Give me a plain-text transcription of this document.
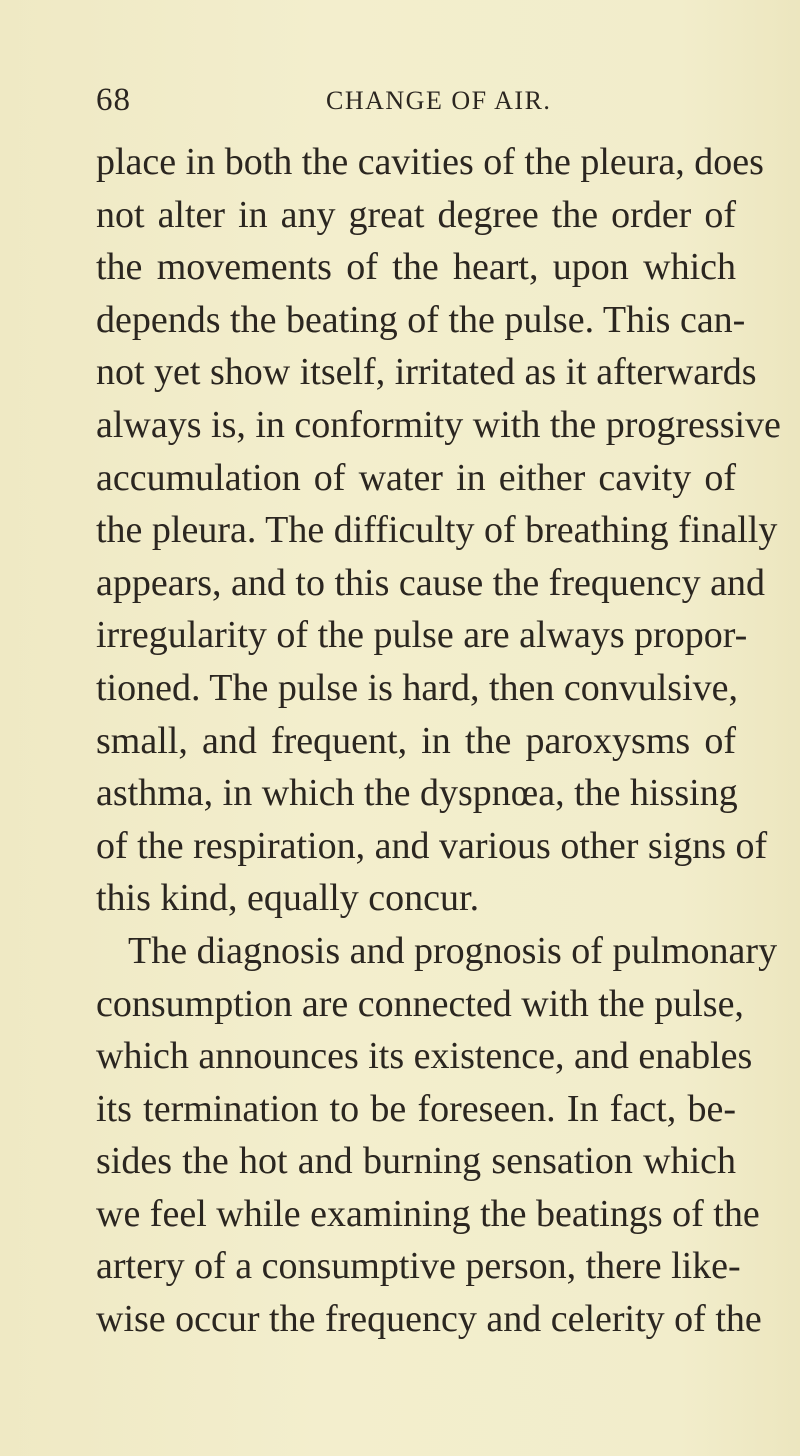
68	CHANGE OF AIR.
place in both the cavities of the pleura, does
not alter in any great degree the order of
the movements of the heart, upon which
depends the beating of the pulse. This can-
not yet show itself, irritated as it afterwards
always is, in conformity with the progressive
accumulation of water in either cavity of
the pleura. The difficulty of breathing finally
appears, and to this cause the frequency and
irregularity of the pulse are always propor-
tioned. The pulse is hard, then convulsive,
small, and frequent, in the paroxysms of
asthma, in which the dyspnœa, the hissing
of the respiration, and various other signs of
this kind, equally concur.
The diagnosis and prognosis of pulmonary
consumption are connected with the pulse,
which announces its existence, and enables
its termination to be foreseen. In fact, be-
sides the hot and burning sensation which
we feel while examining the beatings of the
artery of a consumptive person, there like-
wise occur the frequency and celerity of the
